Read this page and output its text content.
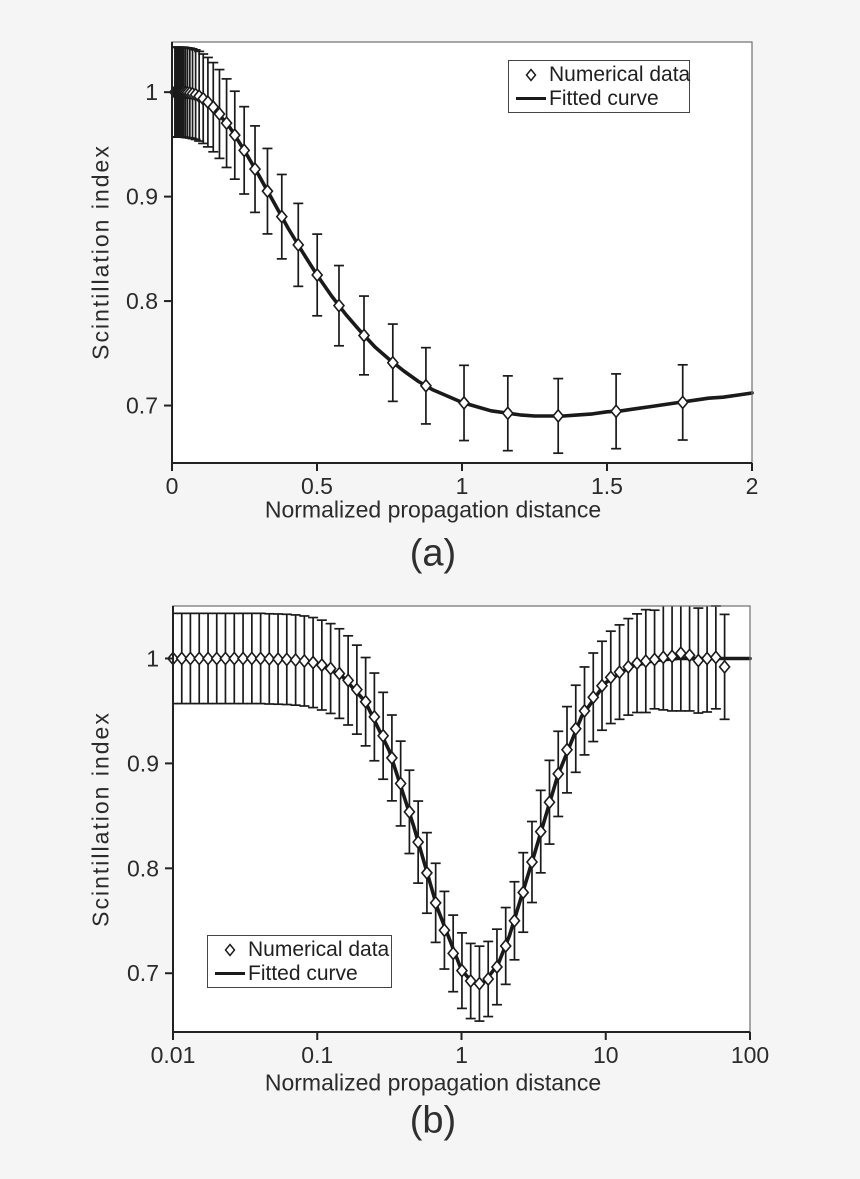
0	0.5	1	1.5	2
0.7
0.8
0.9
1
Scintillation index
Normalized propagation distance
(a)
Numerical data
Fitted curve
0.01	0.1	1	10	100
0.7
0.8
0.9
1
Scintillation index
Normalized propagation distance
(b)
Numerical data
Fitted curve
